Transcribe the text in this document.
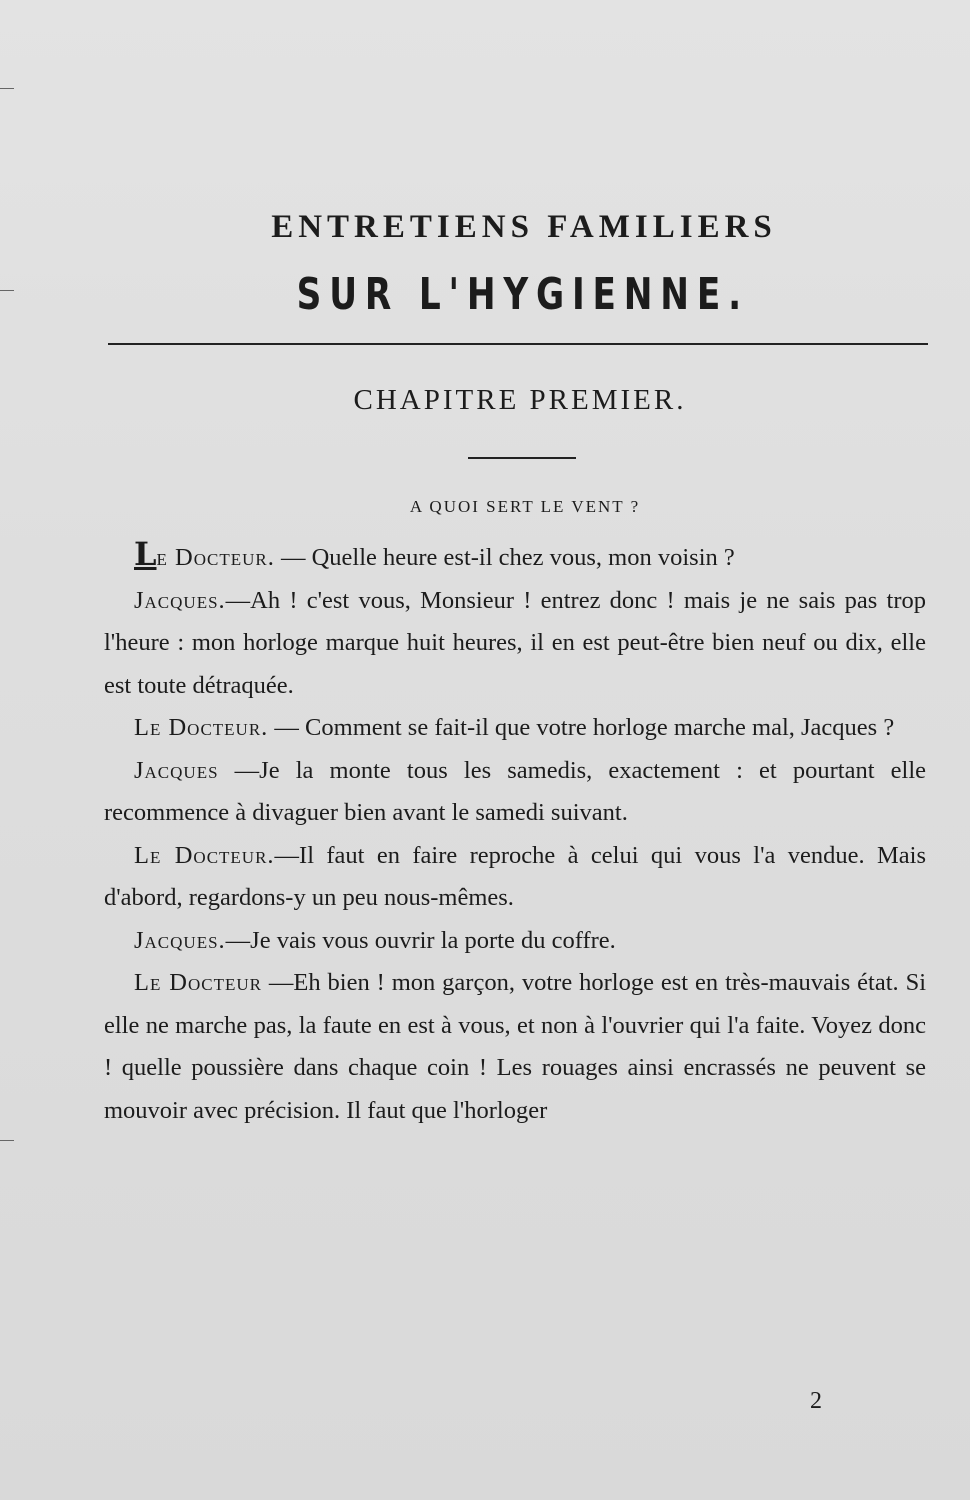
ENTRETIENS FAMILIERS
SUR L'HYGIENNE.
CHAPITRE PREMIER.
A QUOI SERT LE VENT ?

Le Docteur. — Quelle heure est-il chez vous, mon voisin ?

Jacques.—Ah ! c'est vous, Monsieur ! entrez donc ! mais je ne sais pas trop l'heure : mon horloge marque huit heures, il en est peut-être bien neuf ou dix, elle est toute détraquée.

Le Docteur. — Comment se fait-il que votre horloge marche mal, Jacques ?

Jacques —Je la monte tous les samedis, exactement : et pourtant elle recommence à divaguer bien avant le samedi suivant.

Le Docteur.—Il faut en faire reproche à celui qui vous l'a vendue. Mais d'abord, regardons-y un peu nous-mêmes.

Jacques.—Je vais vous ouvrir la porte du coffre.

Le Docteur —Eh bien ! mon garçon, votre horloge est en très-mauvais état. Si elle ne marche pas, la faute en est à vous, et non à l'ouvrier qui l'a faite. Voyez donc ! quelle poussière dans chaque coin ! Les rouages ainsi encrassés ne peuvent se mouvoir avec précision. Il faut que l'horloger

2
